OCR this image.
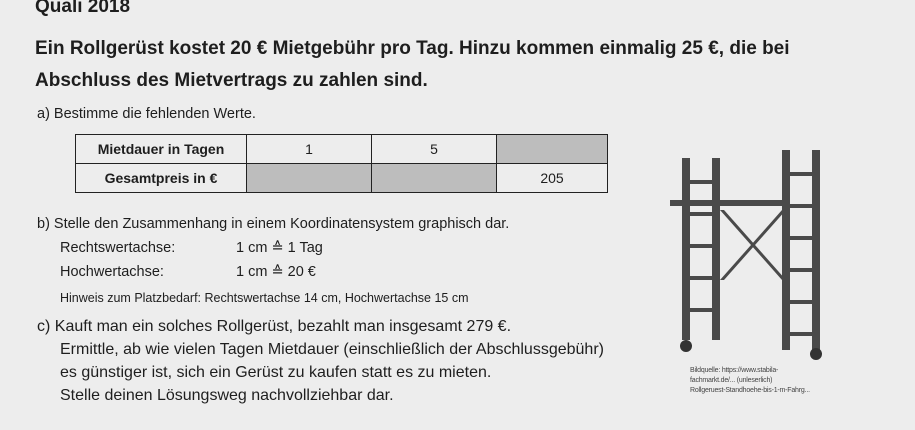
Quali 2018
Ein Rollgerüst kostet 20 € Mietgebühr pro Tag. Hinzu kommen einmalig 25 €, die bei
Abschluss des Mietvertrags zu zahlen sind.
a) Bestimme die fehlenden Werte.
Mietdauer in Tagen	1	5	
Gesamtpreis in €			205
b) Stelle den Zusammenhang in einem Koordinatensystem graphisch dar.
Rechtswertachse:	1 cm ≙ 1 Tag
Hochwertachse:	1 cm ≙ 20 €
Hinweis zum Platzbedarf: Rechtswertachse 14 cm, Hochwertachse 15 cm
c) Kauft man ein solches Rollgerüst, bezahlt man insgesamt 279 €.
Ermittle, ab wie vielen Tagen Mietdauer (einschließlich der Abschlussgebühr)
es günstiger ist, sich ein Gerüst zu kaufen statt es zu mieten.
Stelle deinen Lösungsweg nachvollziehbar dar.
Bildquelle: https://www.stabila-
fachmarkt.de/... (unleserlich)
Rollgeruest-Standhoehe-bis-1-m-Fahrg...
